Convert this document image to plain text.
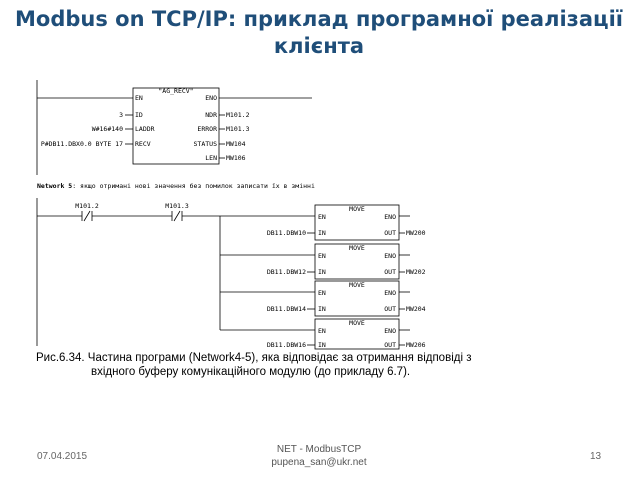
Modbus on TCP/IP: приклад програмної реалізації
клієнта
"AG_RECV"
EN	ENO
3 ID	NDR M101.2
W#16#140 LADDR	ERROR M101.3
P#DB11.DBX0.0 BYTE 17 RECV	STATUS MW104
LEN MW106
Network 5: якщо отримані нові значення без помилок записати їх в змінні
M101.2	M101.3	MOVE
EN	ENO
DB11.DBW10 IN	OUT MW200
MOVE
EN	ENO
DB11.DBW12 IN	OUT MW202
MOVE
EN	ENO
DB11.DBW14 IN	OUT MW204
MOVE
EN	ENO
DB11.DBW16 IN	OUT MW206
Рис.6.34. Частина програми (Network4-5), яка відповідає за отримання відповіді з
вхідного буферу комунікаційного модулю (до прикладу 6.7).
07.04.2015
NET - ModbusTCP
pupena_san@ukr.net
13
